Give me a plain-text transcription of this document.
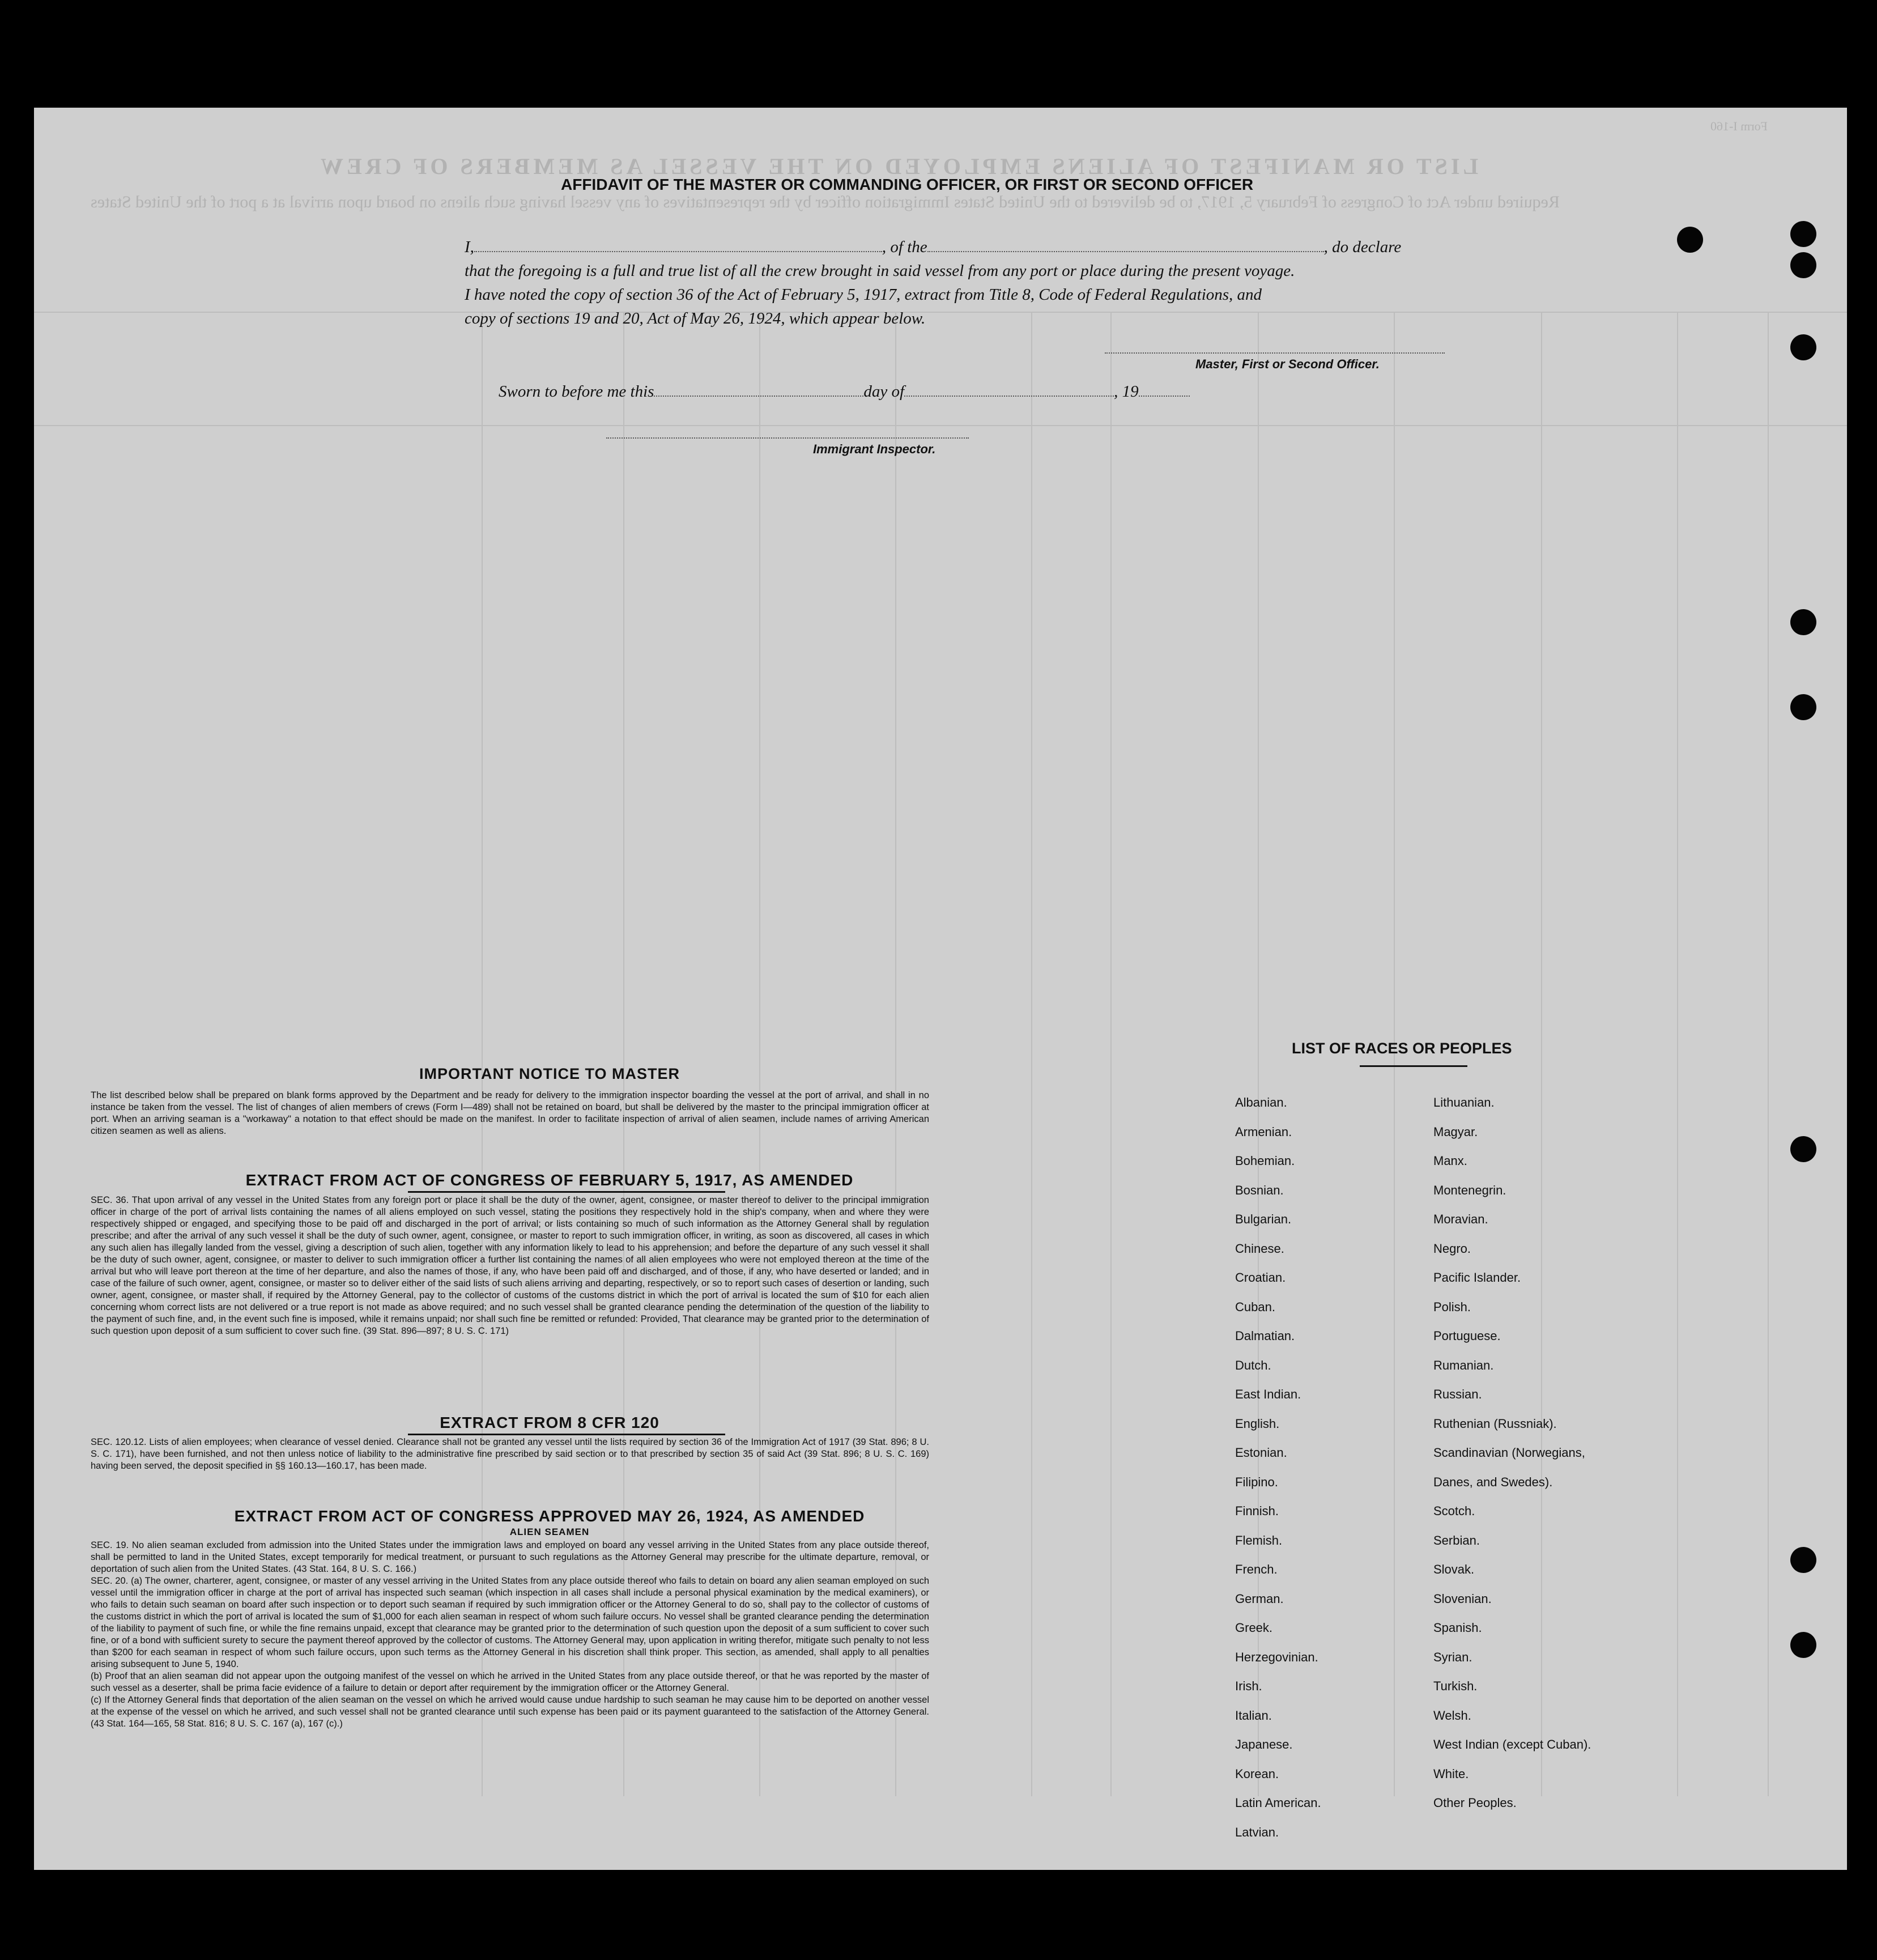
Form I-160
LIST OR MANIFEST OF ALIENS EMPLOYED ON THE VESSEL AS MEMBERS OF CREW
Required under Act of Congress of February 5, 1917, to be delivered to the United States Immigration officer by the representatives of any vessel having such aliens on board upon arrival at a port of the United States
AFFIDAVIT OF THE MASTER OR COMMANDING OFFICER, OR FIRST OR SECOND OFFICER
I,	, of the	, do declare
that the foregoing is a full and true list of all the crew brought in said vessel from any port or place during the present voyage.
I have noted the copy of section 36 of the Act of February 5, 1917, extract from Title 8, Code of Federal Regulations, and
copy of sections 19 and 20, Act of May 26, 1924, which appear below.
Master, First or Second Officer.
Sworn to before me this	day of	, 19
Immigrant Inspector.
IMPORTANT NOTICE TO MASTER

The list described below shall be prepared on blank forms approved by the Department and be ready for delivery to the immigration inspector boarding the vessel at the port of arrival, and shall in no instance be taken from the vessel. The list of changes of alien members of crews (Form I—489) shall not be retained on board, but shall be delivered by the master to the principal immigration officer at port. When an arriving seaman is a "workaway" a notation to that effect should be made on the manifest. In order to facilitate inspection of arrival of alien seamen, include names of arriving American citizen seamen as well as aliens.

EXTRACT FROM ACT OF CONGRESS OF FEBRUARY 5, 1917, AS AMENDED

SEC. 36. That upon arrival of any vessel in the United States from any foreign port or place it shall be the duty of the owner, agent, consignee, or master thereof to deliver to the principal immigration officer in charge of the port of arrival lists containing the names of all aliens employed on such vessel, stating the positions they respectively hold in the ship's company, when and where they were respectively shipped or engaged, and specifying those to be paid off and discharged in the port of arrival; or lists containing so much of such information as the Attorney General shall by regulation prescribe; and after the arrival of any such vessel it shall be the duty of such owner, agent, consignee, or master to report to such immigration officer, in writing, as soon as discovered, all cases in which any such alien has illegally landed from the vessel, giving a description of such alien, together with any information likely to lead to his apprehension; and before the departure of any such vessel it shall be the duty of such owner, agent, consignee, or master to deliver to such immigration officer a further list containing the names of all alien employees who were not employed thereon at the time of the arrival but who will leave port thereon at the time of her departure, and also the names of those, if any, who have been paid off and discharged, and of those, if any, who have deserted or landed; and in case of the failure of such owner, agent, consignee, or master so to deliver either of the said lists of such aliens arriving and departing, respectively, or so to report such cases of desertion or landing, such owner, agent, consignee, or master shall, if required by the Attorney General, pay to the collector of customs of the customs district in which the port of arrival is located the sum of $10 for each alien concerning whom correct lists are not delivered or a true report is not made as above required; and no such vessel shall be granted clearance pending the determination of the question of the liability to the payment of such fine, and, in the event such fine is imposed, while it remains unpaid; nor shall such fine be remitted or refunded: Provided, That clearance may be granted prior to the determination of such question upon deposit of a sum sufficient to cover such fine. (39 Stat. 896—897; 8 U. S. C. 171)

EXTRACT FROM 8 CFR 120

SEC. 120.12. Lists of alien employees; when clearance of vessel denied. Clearance shall not be granted any vessel until the lists required by section 36 of the Immigration Act of 1917 (39 Stat. 896; 8 U. S. C. 171), have been furnished, and not then unless notice of liability to the administrative fine prescribed by said section or to that prescribed by section 35 of said Act (39 Stat. 896; 8 U. S. C. 169) having been served, the deposit specified in §§ 160.13—160.17, has been made.

EXTRACT FROM ACT OF CONGRESS APPROVED MAY 26, 1924, AS AMENDED
ALIEN SEAMEN

SEC. 19. No alien seaman excluded from admission into the United States under the immigration laws and employed on board any vessel arriving in the United States from any place outside thereof, shall be permitted to land in the United States, except temporarily for medical treatment, or pursuant to such regulations as the Attorney General may prescribe for the ultimate departure, removal, or deportation of such alien from the United States. (43 Stat. 164, 8 U. S. C. 166.)

SEC. 20. (a) The owner, charterer, agent, consignee, or master of any vessel arriving in the United States from any place outside thereof who fails to detain on board any alien seaman employed on such vessel until the immigration officer in charge at the port of arrival has inspected such seaman (which inspection in all cases shall include a personal physical examination by the medical examiners), or who fails to detain such seaman on board after such inspection or to deport such seaman if required by such immigration officer or the Attorney General to do so, shall pay to the collector of customs of the customs district in which the port of arrival is located the sum of $1,000 for each alien seaman in respect of whom such failure occurs. No vessel shall be granted clearance pending the determination of the liability to payment of such fine, or while the fine remains unpaid, except that clearance may be granted prior to the determination of such question upon the deposit of a sum sufficient to cover such fine, or of a bond with sufficient surety to secure the payment thereof approved by the collector of customs. The Attorney General may, upon application in writing therefor, mitigate such penalty to not less than $200 for each seaman in respect of whom such failure occurs, upon such terms as the Attorney General in his discretion shall think proper. This section, as amended, shall apply to all penalties arising subsequent to June 5, 1940.

(b) Proof that an alien seaman did not appear upon the outgoing manifest of the vessel on which he arrived in the United States from any place outside thereof, or that he was reported by the master of such vessel as a deserter, shall be prima facie evidence of a failure to detain or deport after requirement by the immigration officer or the Attorney General.

(c) If the Attorney General finds that deportation of the alien seaman on the vessel on which he arrived would cause undue hardship to such seaman he may cause him to be deported on another vessel at the expense of the vessel on which he arrived, and such vessel shall not be granted clearance until such expense has been paid or its payment guaranteed to the satisfaction of the Attorney General. (43 Stat. 164—165, 58 Stat. 816; 8 U. S. C. 167 (a), 167 (c).)

LIST OF RACES OR PEOPLES
Albanian.
Armenian.
Bohemian.
Bosnian.
Bulgarian.
Chinese.
Croatian.
Cuban.
Dalmatian.
Dutch.
East Indian.
English.
Estonian.
Filipino.
Finnish.
Flemish.
French.
German.
Greek.
Herzegovinian.
Irish.
Italian.
Japanese.
Korean.
Latin American.
Latvian.
Lithuanian.
Magyar.
Manx.
Montenegrin.
Moravian.
Negro.
Pacific Islander.
Polish.
Portuguese.
Rumanian.
Russian.
Ruthenian (Russniak).
Scandinavian (Norwegians,
Danes, and Swedes).
Scotch.
Serbian.
Slovak.
Slovenian.
Spanish.
Syrian.
Turkish.
Welsh.
West Indian (except Cuban).
White.
Other Peoples.
